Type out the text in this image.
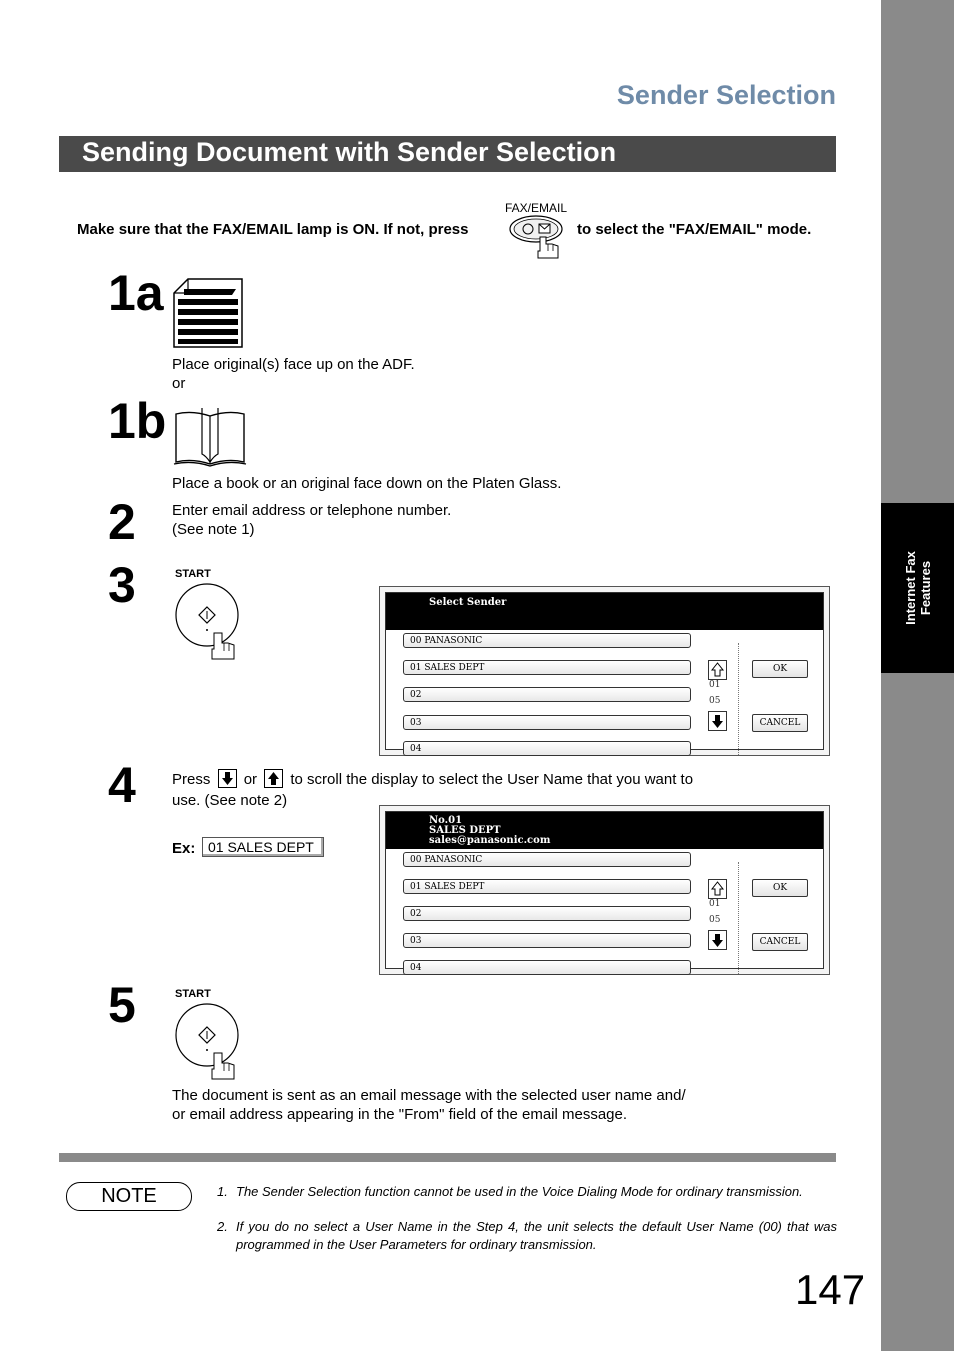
Internet Fax Features
Sender Selection
Sending Document with Sender Selection
Make sure that the FAX/EMAIL lamp is ON. If not, press
FAX/EMAIL
to select the "FAX/EMAIL" mode.
1a
Place original(s) face up on the ADF.
or
1b
Place a book or an original face down on the Platen Glass.
2 Enter email address or telephone number.
(See note 1)
3	START
Select Sender
00 PANASONIC
01 SALES DEPT
02
03
04
01
05
OK
CANCEL
4 Press or to scroll the display to select the User Name that you want to
use. (See note 2)
Ex: 01 SALES DEPT
No.01
SALES DEPT
sales@panasonic.com
00 PANASONIC
01 SALES DEPT
02
03
04
01
05
OK
CANCEL
5	START
The document is sent as an email message with the selected user name and/
or email address appearing in the "From" field of the email message.
NOTE	1. The Sender Selection function cannot be used in the Voice Dialing Mode for ordinary transmission.
2. If you do no select a User Name in the Step 4, the unit selects the default User Name (00) that was programmed in the User Parameters for ordinary transmission.
147
